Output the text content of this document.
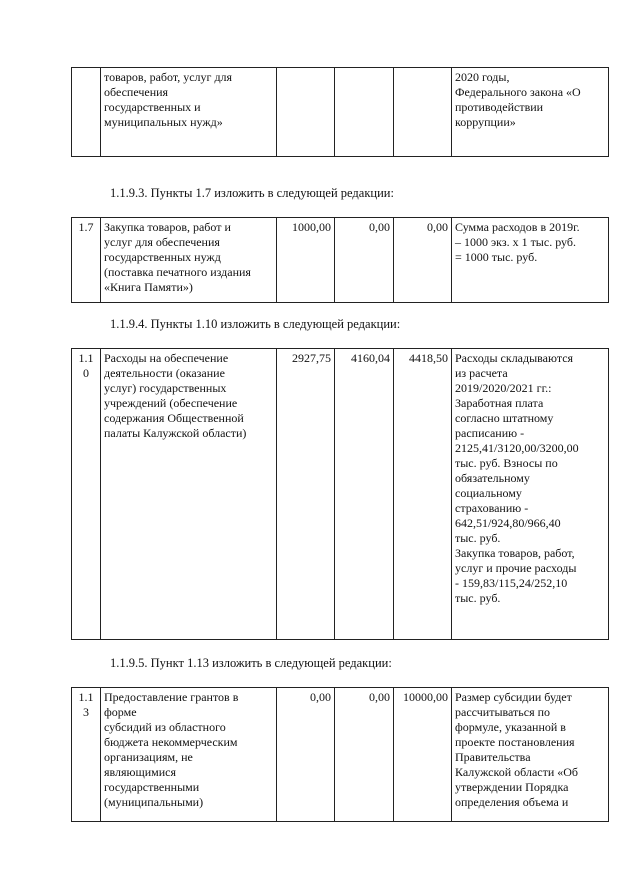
	товаров, работ, услуг для
обеспечения
государственных и
муниципальных нужд»				2020 годы,
Федерального закона «О
противодействии
коррупции»
1.1.9.3. Пункты 1.7 изложить в следующей редакции:
1.7	Закупка товаров, работ и
услуг для обеспечения
государственных нужд
(поставка печатного издания
«Книга Памяти»)	1000,00	0,00	0,00	Сумма расходов в 2019г.
– 1000 экз. х 1 тыс. руб.
= 1000 тыс. руб.
1.1.9.4. Пункты 1.10 изложить в следующей редакции:
1.1
0	Расходы на обеспечение
деятельности (оказание
услуг) государственных
учреждений (обеспечение
содержания Общественной
палаты Калужской области)	2927,75	4160,04	4418,50	Расходы складываются
из расчета
2019/2020/2021 гг.:
Заработная плата
согласно штатному
расписанию -
2125,41/3120,00/3200,00
тыс. руб. Взносы по
обязательному
социальному
страхованию -
642,51/924,80/966,40
тыс. руб.
Закупка товаров, работ,
услуг и прочие расходы
- 159,83/115,24/252,10
тыс. руб.
1.1.9.5. Пункт 1.13 изложить в следующей редакции:
1.1
3	Предоставление грантов в
форме
субсидий из областного
бюджета некоммерческим
организациям, не
являющимися
государственными
(муниципальными)	0,00	0,00	10000,00	Размер субсидии будет
рассчитываться по
формуле, указанной в
проекте постановления
Правительства
Калужской области «Об
утверждении Порядка
определения объема и
